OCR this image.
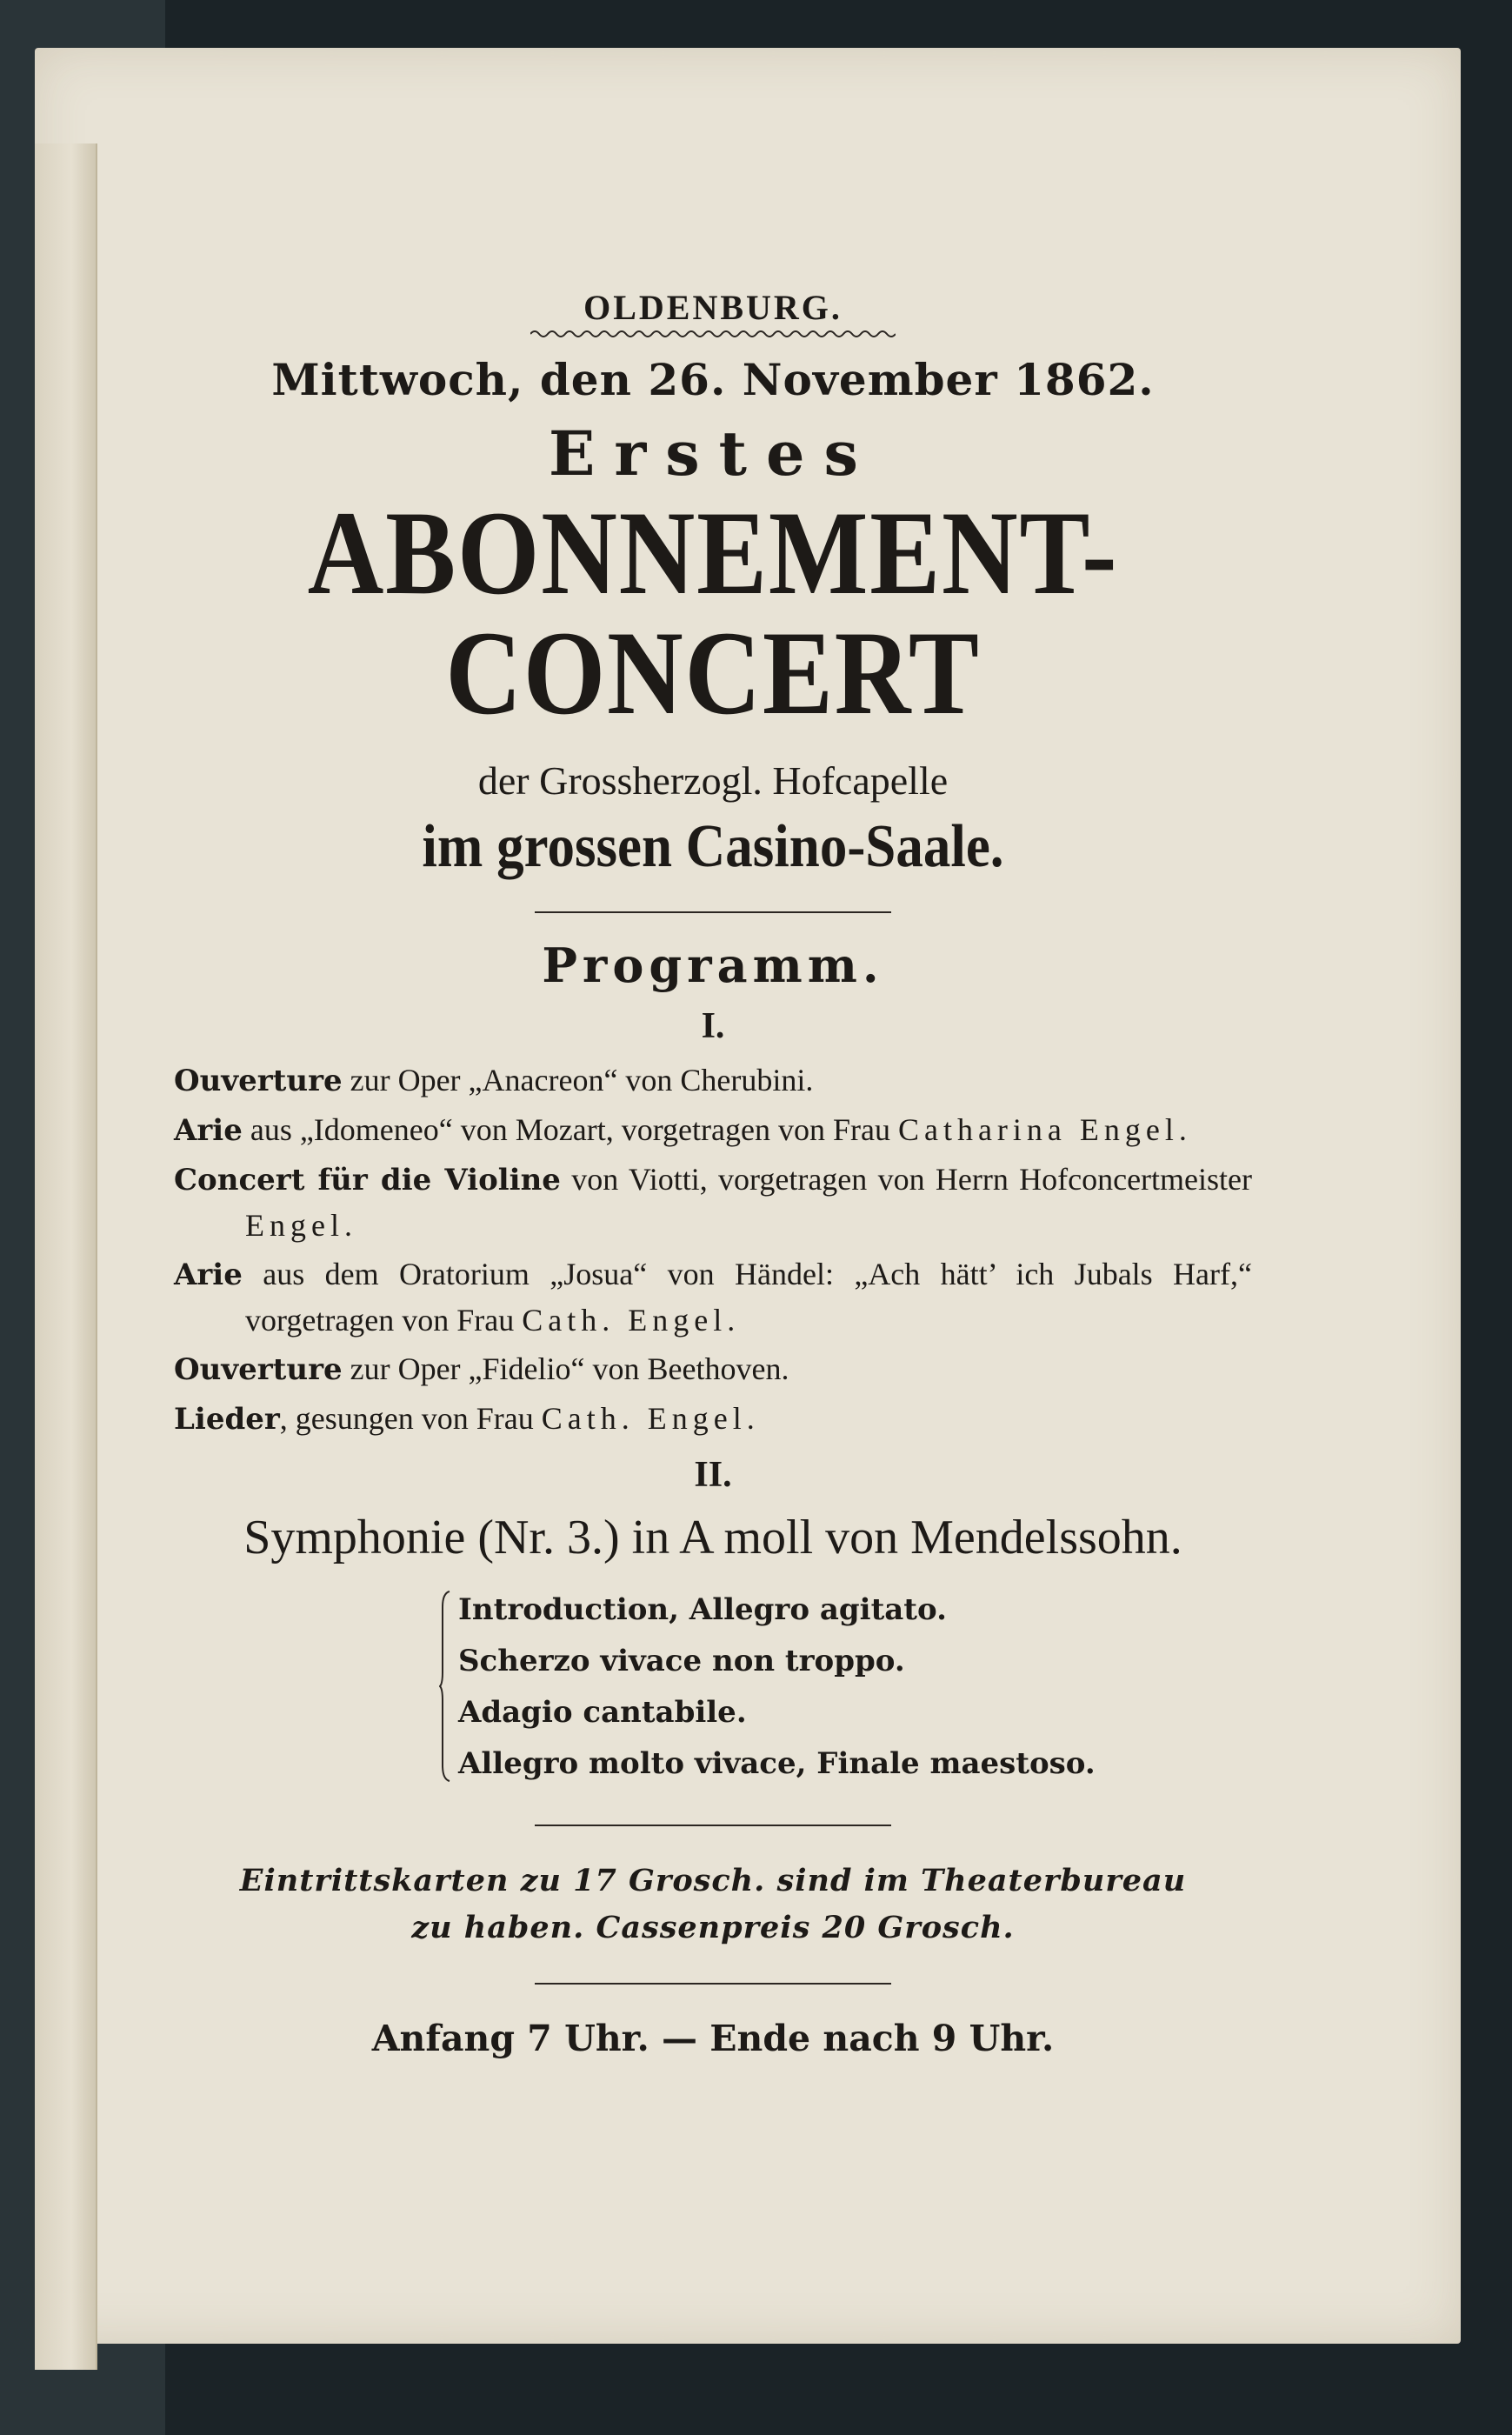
OLDENBURG.
Mittwoch, den 26. November 1862.
Erstes
ABONNEMENT-CONCERT
der Grossherzogl. Hofcapelle
im grossen Casino-Saale.
Programm.
I.
Ouverture zur Oper „Anacreon“ von Cherubini.
Arie aus „Idomeneo“ von Mozart, vorgetragen von Frau Catharina Engel.
Concert für die Violine von Viotti, vorgetragen von Herrn Hofconcertmeister Engel.
Arie aus dem Oratorium „Josua“ von Händel: „Ach hätt’ ich Jubals Harf,“ vorgetragen von Frau Cath. Engel.
Ouverture zur Oper „Fidelio“ von Beethoven.
Lieder, gesungen von Frau Cath. Engel.
II.
Symphonie (Nr. 3.) in A moll von Mendelssohn.
Introduction, Allegro agitato.
Scherzo vivace non troppo.
Adagio cantabile.
Allegro molto vivace, Finale maestoso.
Eintrittskarten zu 17 Grosch. sind im Theaterbureau
zu haben. Cassenpreis 20 Grosch.
Anfang 7 Uhr. — Ende nach 9 Uhr.
